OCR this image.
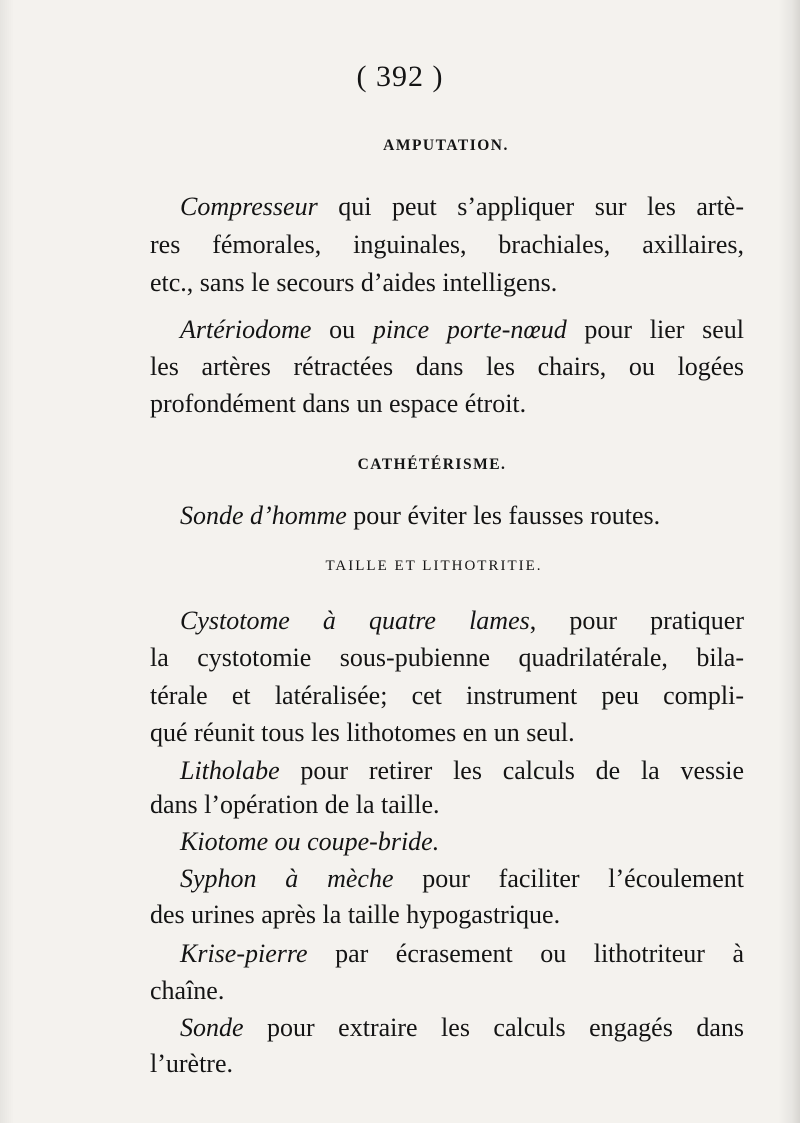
( 392 )
AMPUTATION.
Compresseur qui peut s’appliquer sur les artè-
res fémorales, inguinales, brachiales, axillaires,
etc., sans le secours d’aides intelligens.
Artériodome ou pince porte-nœud pour lier seul
les artères rétractées dans les chairs, ou logées
profondément dans un espace étroit.
CATHÉTÉRISME.
Sonde d’homme pour éviter les fausses routes.
TAILLE ET LITHOTRITIE.
Cystotome à quatre lames, pour pratiquer
la cystotomie sous-pubienne quadrilatérale, bila-
térale et latéralisée; cet instrument peu compli-
qué réunit tous les lithotomes en un seul.
Litholabe pour retirer les calculs de la vessie
dans l’opération de la taille.
Kiotome ou coupe-bride.
Syphon à mèche pour faciliter l’écoulement
des urines après la taille hypogastrique.
Krise-pierre par écrasement ou lithotriteur à
chaîne.
Sonde pour extraire les calculs engagés dans
l’urètre.
